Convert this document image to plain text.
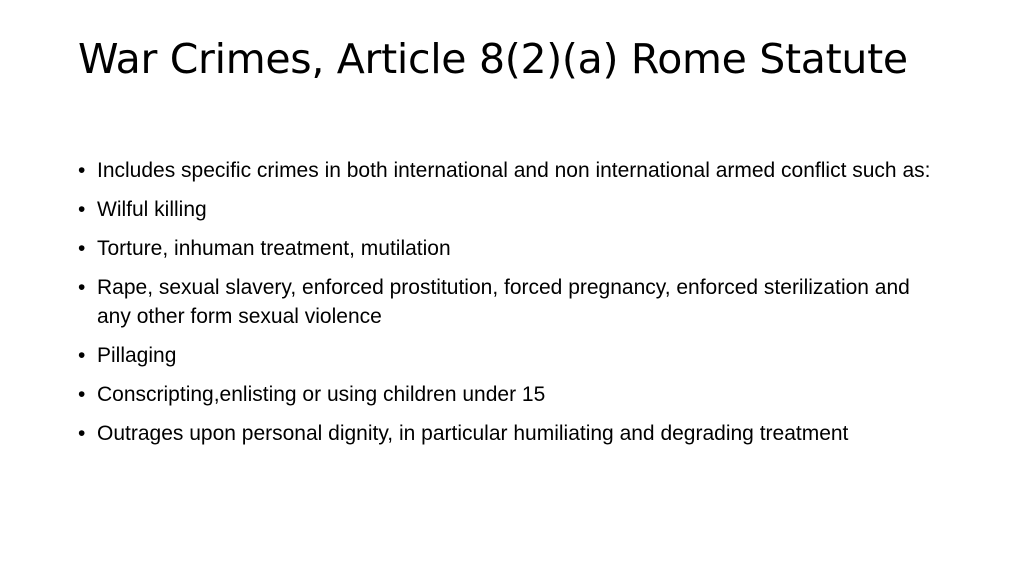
War Crimes, Article 8(2)(a) Rome Statute
• Includes specific crimes in both international and non international armed conflict such as:
• Wilful killing
• Torture, inhuman treatment, mutilation
• Rape, sexual slavery, enforced prostitution, forced pregnancy, enforced sterilization and any other form sexual violence
• Pillaging
• Conscripting,enlisting or using children under 15
• Outrages upon personal dignity, in particular humiliating and degrading treatment
